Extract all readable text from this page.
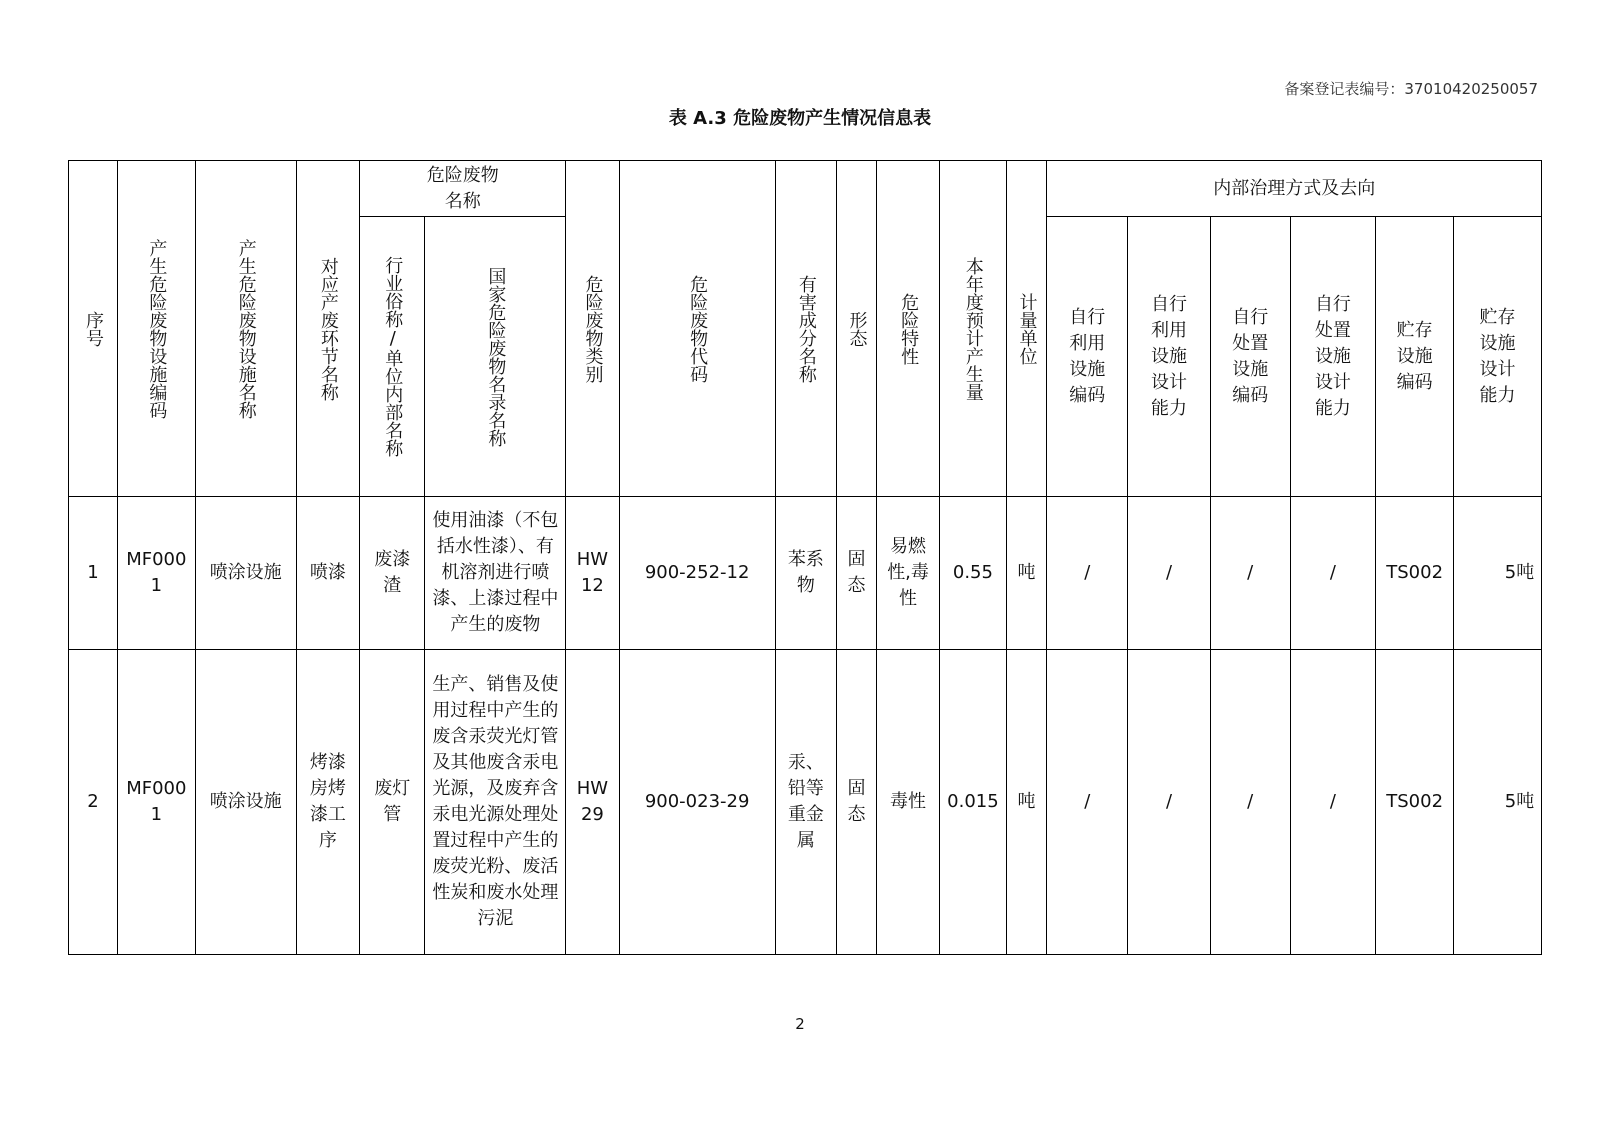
备案登记表编号：37010420250057
表 A.3 危险废物产生情况信息表
序号	产生危险废物设施编码	产生危险废物设施名称	对应产废环节名称	危险废物名称		危险废物类别	危险废物代码	有害成分名称	形态	危险特性	本年度预计产生量	计量单位	内部治理方式及去向					
				行业俗称/单位内部名称	国家危险废物名录名称								自行利用设施编码	自行利用设施设计能力	自行处置设施编码	自行处置设施设计能力	贮存设施编码	贮存设施设计能力
1	MF0001	喷涂设施	喷漆	废漆渣	使用油漆（不包括水性漆）、有机溶剂进行喷漆、上漆过程中产生的废物	HW12	900-252-12	苯系物	固态	易燃性,毒性	0.55	吨	/	/	/	/	TS002	5吨
2	MF0001	喷涂设施	烤漆房烤漆工序	废灯管	生产、销售及使用过程中产生的废含汞荧光灯管及其他废含汞电光源，及废弃含汞电光源处理处置过程中产生的废荧光粉、废活性炭和废水处理污泥	HW29	900-023-29	汞、铅等重金属	固态	毒性	0.015	吨	/	/	/	/	TS002	5吨
2
